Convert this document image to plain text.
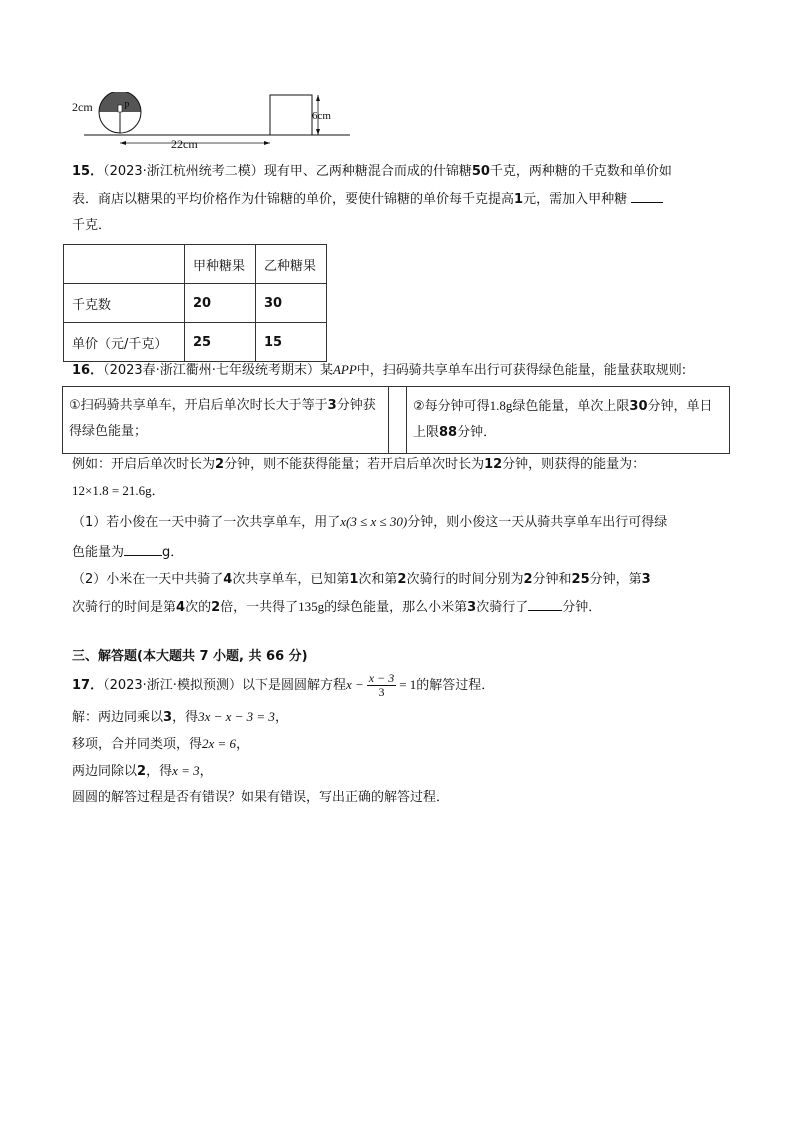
2cm	P
22cm
6cm
15．（2023·浙江杭州统考二模）现有甲、乙两种糖混合而成的什锦糖50千克，两种糖的千克数和单价如
表．商店以糖果的平均价格作为什锦糖的单价，要使什锦糖的单价每千克提高1元，需加入甲种糖
千克．
	甲种糖果	乙种糖果
千克数	20	30
单价（元/千克）	25	15
16．（2023春·浙江衢州·七年级统考期末）某APP中，扫码骑共享单车出行可获得绿色能量，能量获取规则:
①扫码骑共享单车，开启后单次时长大于等于3分钟获得绿色能量；
②每分钟可得1.8g绿色能量，单次上限30分钟，单日上限88分钟．
例如：开启后单次时长为2分钟，则不能获得能量；若开启后单次时长为12分钟，则获得的能量为：
12×1.8 = 21.6g．
（1）若小俊在一天中骑了一次共享单车，用了x(3 ≤ x ≤ 30)分钟，则小俊这一天从骑共享单车出行可得绿
色能量为	g．
（2）小米在一天中共骑了4次共享单车，已知第1次和第2次骑行的时间分别为2分钟和25分钟，第3
次骑行的时间是第4次的2倍，一共得了135g的绿色能量，那么小米第3次骑行了	分钟．
三、解答题(本大题共 7 小题, 共 66 分)
17．（2023·浙江·模拟预测）以下是圆圆解方程$x - \frac{x - 3}{3} = 1$的解答过程．
解：两边同乘以3，得3x − x − 3 = 3，
移项，合并同类项，得2x = 6，
两边同除以2，得x = 3，
圆圆的解答过程是否有错误？如果有错误，写出正确的解答过程．
